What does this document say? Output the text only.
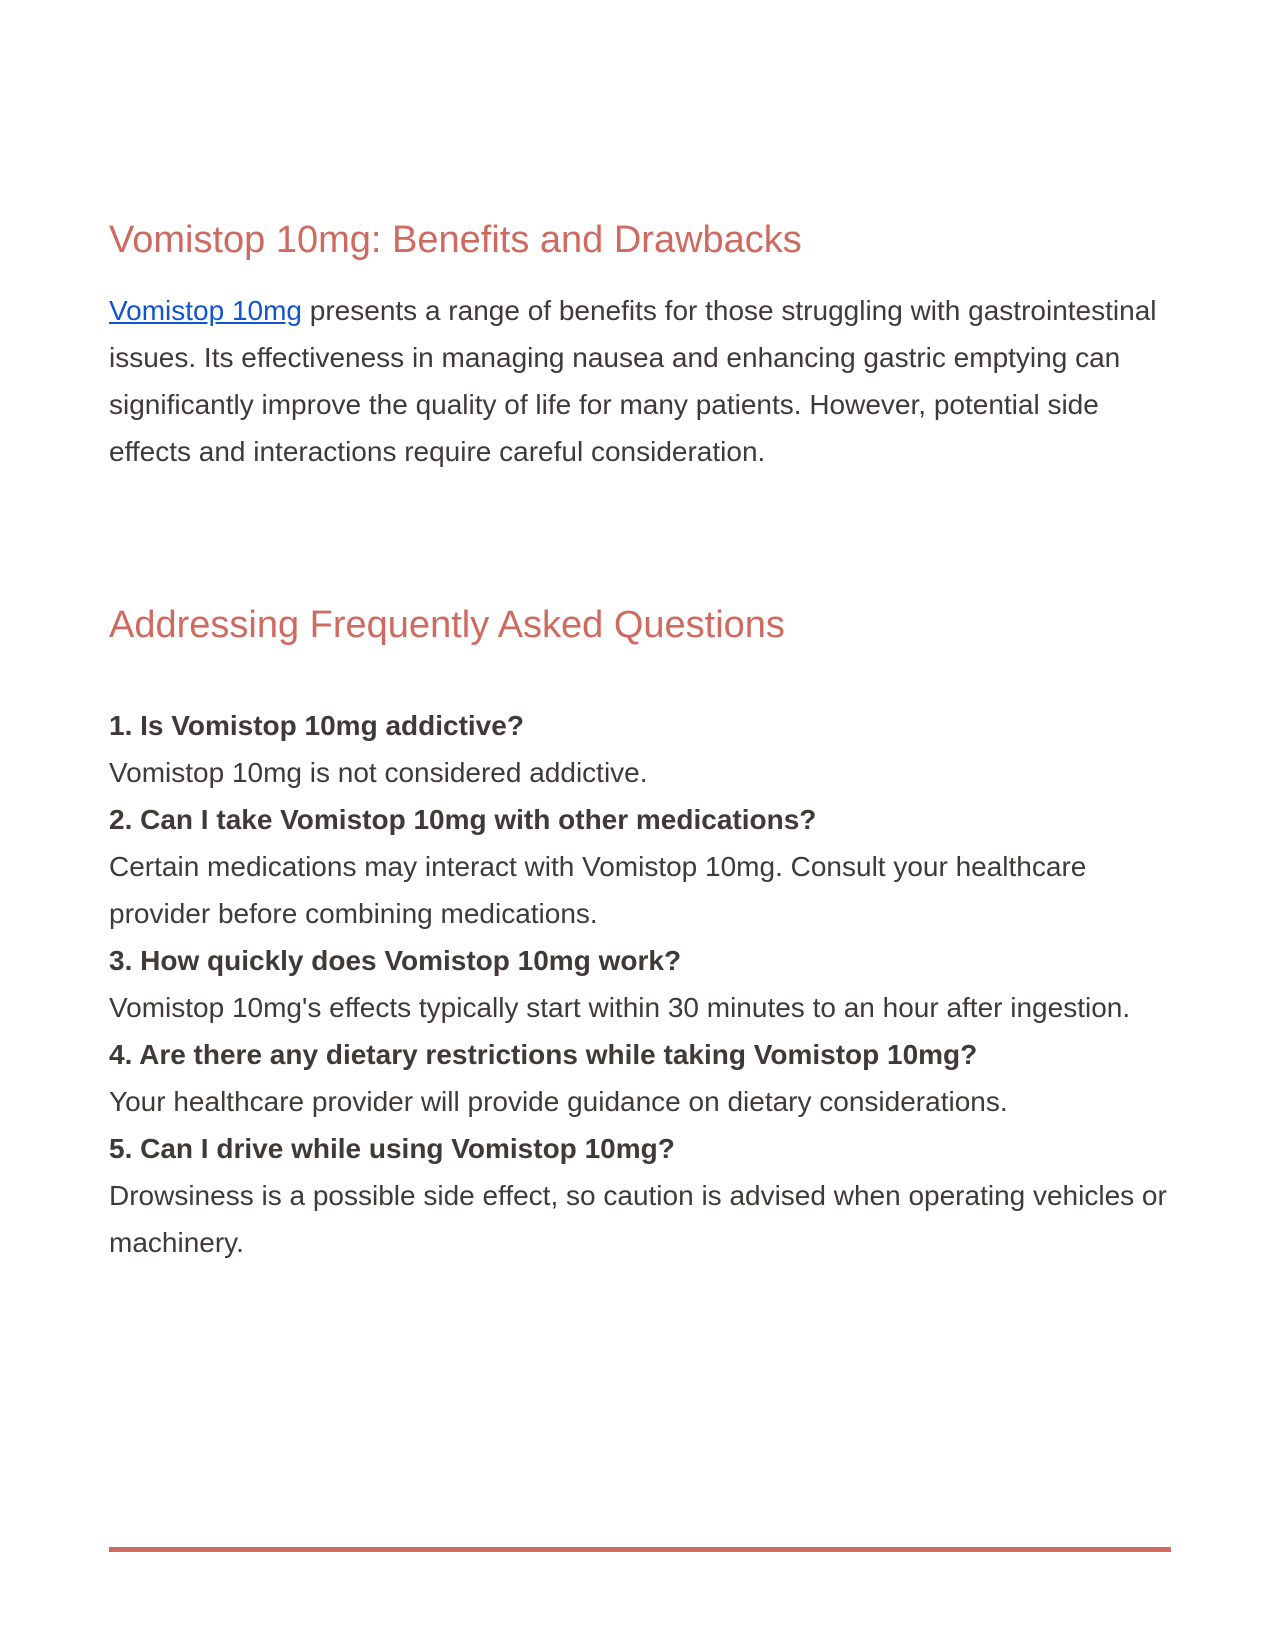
Vomistop 10mg: Benefits and Drawbacks

Vomistop 10mg presents a range of benefits for those struggling with gastrointestinal issues. Its effectiveness in managing nausea and enhancing gastric emptying can significantly improve the quality of life for many patients. However, potential side effects and interactions require careful consideration.

Addressing Frequently Asked Questions

1. Is Vomistop 10mg addictive?

Vomistop 10mg is not considered addictive.

2. Can I take Vomistop 10mg with other medications?

Certain medications may interact with Vomistop 10mg. Consult your healthcare provider before combining medications.

3. How quickly does Vomistop 10mg work?

Vomistop 10mg's effects typically start within 30 minutes to an hour after ingestion.

4. Are there any dietary restrictions while taking Vomistop 10mg?

Your healthcare provider will provide guidance on dietary considerations.

5. Can I drive while using Vomistop 10mg?

Drowsiness is a possible side effect, so caution is advised when operating vehicles or machinery.
